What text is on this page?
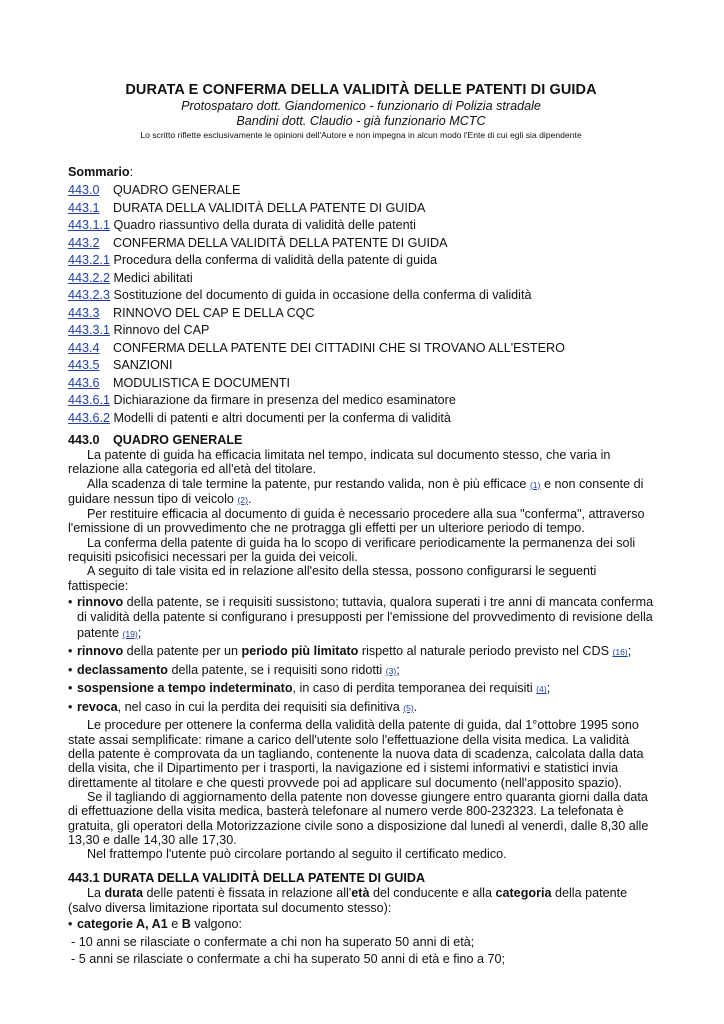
DURATA E CONFERMA DELLA VALIDITÀ DELLE PATENTI DI GUIDA
Protospataro dott. Giandomenico - funzionario di Polizia stradale
Bandini dott. Claudio - già funzionario MCTC
Lo scritto riflette esclusivamente le opinioni dell'Autore e non impegna in alcun modo l'Ente di cui egli sia dipendente
Sommario:
443.0 QUADRO GENERALE
443.1 DURATA DELLA VALIDITÀ DELLA PATENTE DI GUIDA
443.1.1 Quadro riassuntivo della durata di validità delle patenti
443.2 CONFERMA DELLA VALIDITÀ DELLA PATENTE DI GUIDA
443.2.1 Procedura della conferma di validità della patente di guida
443.2.2 Medici abilitati
443.2.3 Sostituzione del documento di guida in occasione della conferma di validità
443.3 RINNOVO DEL CAP E DELLA CQC
443.3.1 Rinnovo del CAP
443.4 CONFERMA DELLA PATENTE DEI CITTADINI CHE SI TROVANO ALL'ESTERO
443.5 SANZIONI
443.6 MODULISTICA E DOCUMENTI
443.6.1 Dichiarazione da firmare in presenza del medico esaminatore
443.6.2 Modelli di patenti e altri documenti per la conferma di validità
443.0 QUADRO GENERALE

La patente di guida ha efficacia limitata nel tempo, indicata sul documento stesso, che varia in relazione alla categoria ed all'età del titolare.

Alla scadenza di tale termine la patente, pur restando valida, non è più efficace (1) e non consente di guidare nessun tipo di veicolo (2).

Per restituire efficacia al documento di guida è necessario procedere alla sua "conferma", attraverso l'emissione di un provvedimento che ne protragga gli effetti per un ulteriore periodo di tempo.

La conferma della patente di guida ha lo scopo di verificare periodicamente la permanenza dei soli requisiti psicofisici necessari per la guida dei veicoli.

A seguito di tale visita ed in relazione all'esito della stessa, possono configurarsi le seguenti fattispecie:

• rinnovo della patente, se i requisiti sussistono; tuttavia, qualora superati i tre anni di mancata conferma di validità della patente si configurano i presupposti per l'emissione del provvedimento di revisione della patente (19);
• rinnovo della patente per un periodo più limitato rispetto al naturale periodo previsto nel CDS (16);
• declassamento della patente, se i requisiti sono ridotti (3);
• sospensione a tempo indeterminato, in caso di perdita temporanea dei requisiti (4);
• revoca, nel caso in cui la perdita dei requisiti sia definitiva (5).

Le procedure per ottenere la conferma della validità della patente di guida, dal 1°ottobre 1995 sono state assai semplificate: rimane a carico dell'utente solo l'effettuazione della visita medica. La validità della patente è comprovata da un tagliando, contenente la nuova data di scadenza, calcolata dalla data della visita, che il Dipartimento per i trasporti, la navigazione ed i sistemi informativi e statistici invia direttamente al titolare e che questi provvede poi ad applicare sul documento (nell'apposito spazio).

Se il tagliando di aggiornamento della patente non dovesse giungere entro quaranta giorni dalla data di effettuazione della visita medica, basterà telefonare al numero verde 800-232323. La telefonata è gratuita, gli operatori della Motorizzazione civile sono a disposizione dal lunedì al venerdì, dalle 8,30 alle 13,30 e dalle 14,30 alle 17,30.

Nel frattempo l'utente può circolare portando al seguito il certificato medico.

443.1 DURATA DELLA VALIDITÀ DELLA PATENTE DI GUIDA

La durata delle patenti è fissata in relazione all'età del conducente e alla categoria della patente (salvo diversa limitazione riportata sul documento stesso):

• categorie A, A1 e B valgono:
- 10 anni se rilasciate o confermate a chi non ha superato 50 anni di età;
- 5 anni se rilasciate o confermate a chi ha superato 50 anni di età e fino a 70;
